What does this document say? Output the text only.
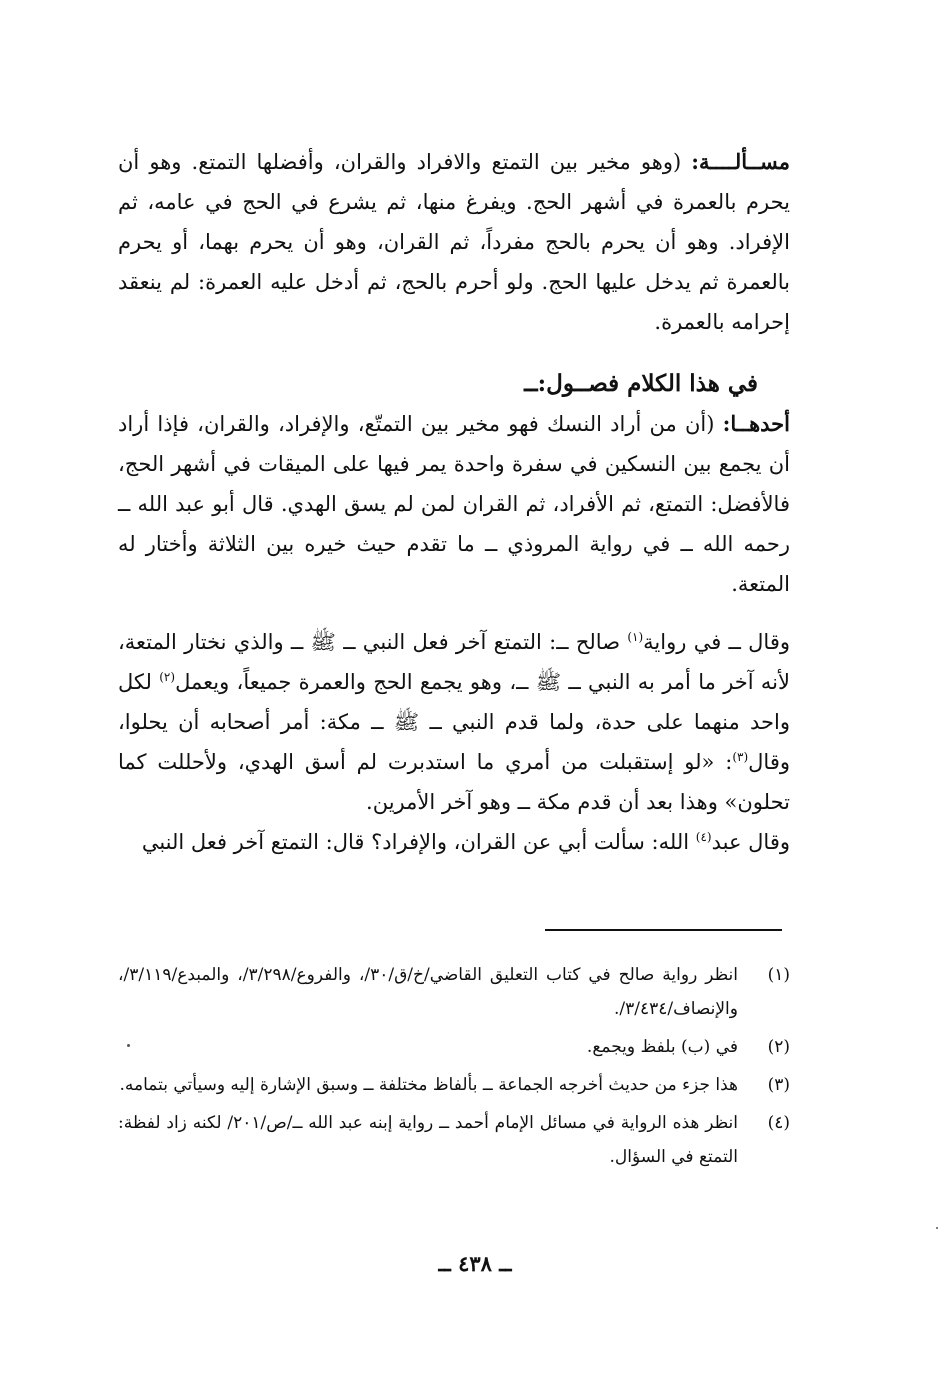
مســألــــة: (وهو مخير بين التمتع والافراد والقران، وأفضلها التمتع. وهو أن يحرم بالعمرة في أشهر الحج. ويفرغ منها، ثم يشرع في الحج في عامه، ثم الإفراد. وهو أن يحرم بالحج مفرداً، ثم القران، وهو أن يحرم بهما، أو يحرم بالعمرة ثم يدخل عليها الحج. ولو أحرم بالحج، ثم أدخل عليه العمرة: لم ينعقد إحرامه بالعمرة.

في هذا الكلام فصــول:ــ

أحدهــا: (أن من أراد النسك فهو مخير بين التمتّع، والإفراد، والقران، فإذا أراد أن يجمع بين النسكين في سفرة واحدة يمر فيها على الميقات في أشهر الحج، فالأفضل: التمتع، ثم الأفراد، ثم القران لمن لم يسق الهدي. قال أبو عبد الله ــ رحمه الله ــ في رواية المروذي ــ ما تقدم حيث خيره بين الثلاثة وأختار له المتعة.

وقال ــ في رواية$^{(١)}$ صالح ــ: التمتع آخر فعل النبي ــ ﷺ ــ والذي نختار المتعة، لأنه آخر ما أمر به النبي ــ ﷺ ــ، وهو يجمع الحج والعمرة جميعاً، ويعمل$^{(٢)}$ لكل واحد منهما على حدة، ولما قدم النبي ــ ﷺ ــ مكة: أمر أصحابه أن يحلوا، وقال$^{(٣)}$: «لو إستقبلت من أمري ما استدبرت لم أسق الهدي، ولأحللت كما تحلون» وهذا بعد أن قدم مكة ــ وهو آخر الأمرين.

وقال عبد$^{(٤)}$ الله: سألت أبي عن القران، والإفراد؟ قال: التمتع آخر فعل النبي

(١)
انظر رواية صالح في كتاب التعليق القاضي/خ/ق/٣٠/، والفروع/٣/٢٩٨/، والمبدع/٣/١١٩/، والإنصاف/٣/٤٣٤/.
(٢)
في (ب) بلفظ ويجمع.
(٣)
هذا جزء من حديث أخرجه الجماعة ــ بألفاظ مختلفة ــ وسبق الإشارة إليه وسيأتي بتمامه.
(٤)
انظر هذه الرواية في مسائل الإمام أحمد ــ رواية إبنه عبد الله ــ/ص/٢٠١/ لكنه زاد لفظة: التمتع في السؤال.
ــ ٤٣٨ ــ
